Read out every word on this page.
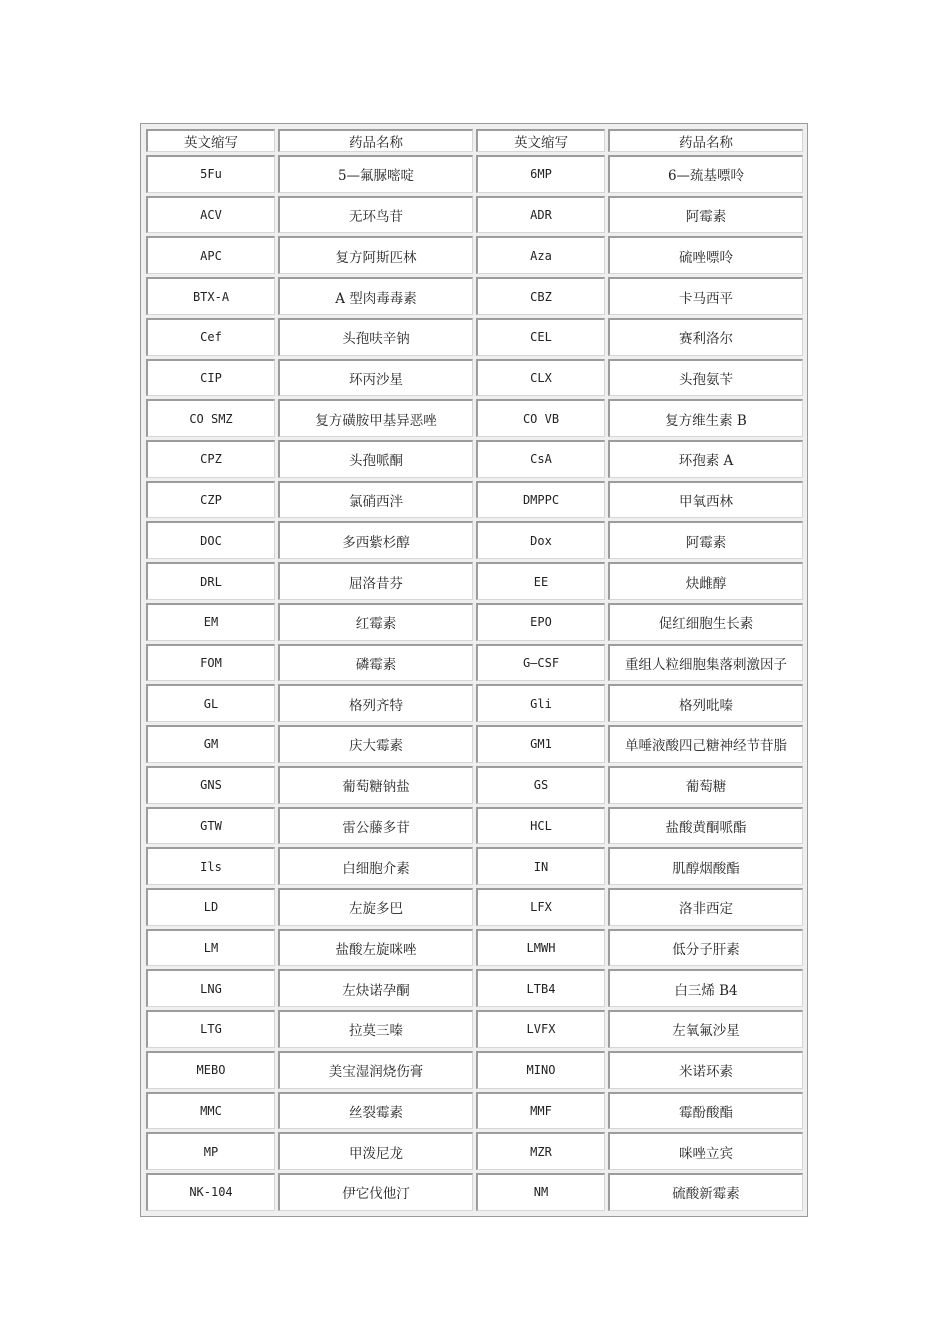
英文缩写	药品名称	英文缩写	药品名称
5Fu	5—氟脲嘧啶	6MP	6—巯基嘌呤
ACV	无环鸟苷	ADR	阿霉素
APC	复方阿斯匹林	Aza	硫唑嘌呤
BTX-A	A 型肉毒毒素	CBZ	卡马西平
Cef	头孢呋辛钠	CEL	赛利洛尔
CIP	环丙沙星	CLX	头孢氨苄
CO SMZ	复方磺胺甲基异恶唑	CO VB	复方维生素 B
CPZ	头孢哌酮	CsA	环孢素 A
CZP	氯硝西泮	DMPPC	甲氧西林
DOC	多西紫杉醇	Dox	阿霉素
DRL	屈洛昔芬	EE	炔雌醇
EM	红霉素	EPO	促红细胞生长素
FOM	磷霉素	G—CSF	重组人粒细胞集落刺激因子
GL	格列齐特	Gli	格列吡嗪
GM	庆大霉素	GM1	单唾液酸四己糖神经节苷脂
GNS	葡萄糖钠盐	GS	葡萄糖
GTW	雷公藤多苷	HCL	盐酸黄酮哌酯
Ils	白细胞介素	IN	肌醇烟酸酯
LD	左旋多巴	LFX	洛非西定
LM	盐酸左旋咪唑	LMWH	低分子肝素
LNG	左炔诺孕酮	LTB4	白三烯 B4
LTG	拉莫三嗪	LVFX	左氧氟沙星
MEBO	美宝湿润烧伤膏	MINO	米诺环素
MMC	丝裂霉素	MMF	霉酚酸酯
MP	甲泼尼龙	MZR	咪唑立宾
NK-104	伊它伐他汀	NM	硫酸新霉素
